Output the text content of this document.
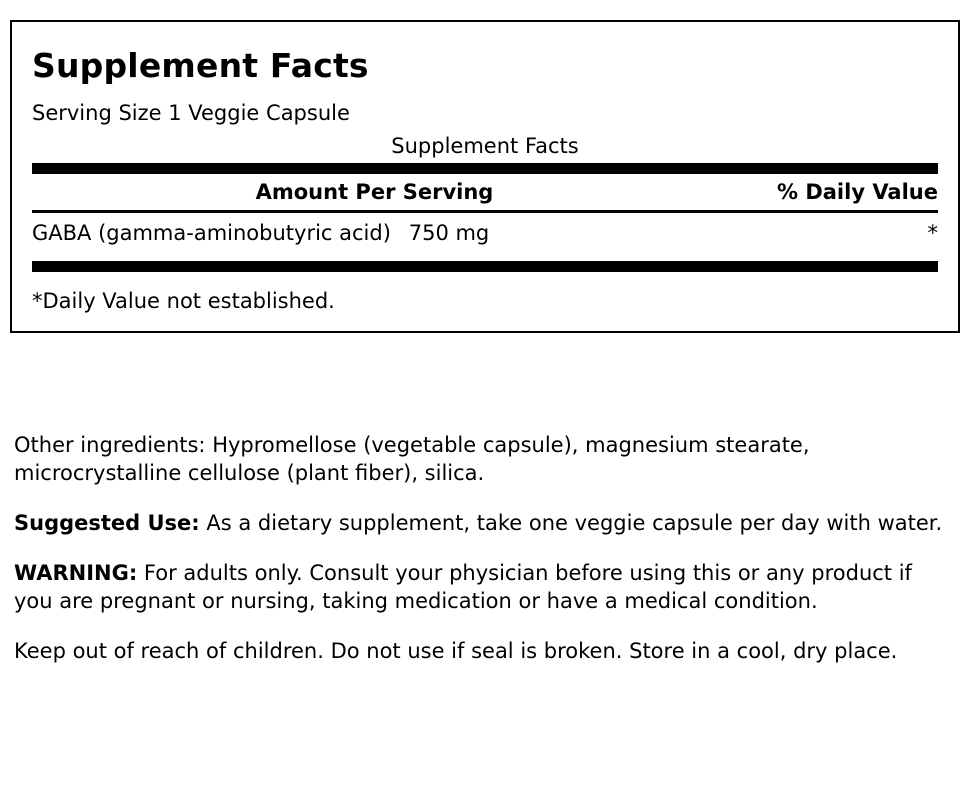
Supplement Facts
Serving Size 1 Veggie Capsule
Supplement Facts
Amount Per Serving	% Daily Value
GABA (gamma-aminobutyric acid) 750 mg	*
*Daily Value not established.

Other ingredients: Hypromellose (vegetable capsule), magnesium stearate, microcrystalline cellulose (plant fiber), silica.

Suggested Use: As a dietary supplement, take one veggie capsule per day with water.

WARNING: For adults only. Consult your physician before using this or any product if you are pregnant or nursing, taking medication or have a medical condition.

Keep out of reach of children. Do not use if seal is broken. Store in a cool, dry place.
